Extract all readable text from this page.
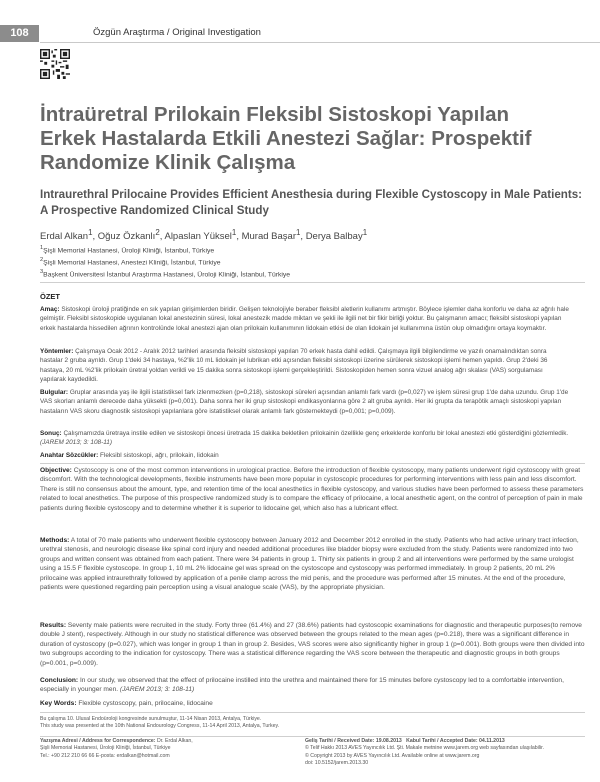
108	Özgün Araştırma / Original Investigation
İntraüretral Prilokain Fleksibl Sistoskopi Yapılan Erkek Hastalarda Etkili Anestezi Sağlar: Prospektif Randomize Klinik Çalışma
Intraurethral Prilocaine Provides Efficient Anesthesia during Flexible Cystoscopy in Male Patients: A Prospective Randomized Clinical Study
Erdal Alkan$^1$, Oğuz Özkanlı$^2$, Alpaslan Yüksel$^1$, Murad Başar$^1$, Derya Balbay$^1$
$^1$Şişli Memorial Hastanesi, Üroloji Kliniği, İstanbul, Türkiye
$^2$Şişli Memorial Hastanesi, Anestezi Kliniği, İstanbul, Türkiye
$^3$Başkent Üniversitesi İstanbul Araştırma Hastanesi, Üroloji Kliniği, İstanbul, Türkiye
ÖZET
Amaç: Sistoskopi üroloji pratiğinde en sık yapılan girişimlerden biridir. Gelişen teknolojiyle beraber fleksibl aletlerin kullanımı artmıştır. Böylece işlemler daha konforlu ve daha az ağrılı hale gelmiştir. Fleksibl sistoskopide uygulanan lokal anestezinin süresi, lokal anestezik madde miktarı ve şekli ile ilgili net bir fikir birliği yoktur. Bu çalışmanın amacı; fleksibl sistoskopi yapılan erkek hastalarda hissedilen ağrının kontrolünde lokal anestezi ajan olan prilokain kullanımının lidokain etkisi de olan lidokain jel kullanımına üstün olup olmadığını ortaya koymaktır.
Yöntemler: Çalışmaya Ocak 2012 - Aralık 2012 tarihleri arasında fleksibl sistoskopi yapılan 70 erkek hasta dahil edildi. Çalışmaya ilgili bilgilendirme ve yazılı onamalındıktan sonra hastalar 2 gruba ayrıldı. Grup 1'deki 34 hastaya, %2'lik 10 mL lidokain jel lubrikan etki açısından fleksibl sistoskopi üzerine sürülerek sistoskopi işlemi hemen yapıldı. Grup 2'deki 36 hastaya, 20 mL %2'lik prilokain üretral yoldan verildi ve 15 dakika sonra sistoskopi işlemi gerçekleştirildi. Sistoskopiden hemen sonra vizuel analog ağrı skalası (VAS) sorgulaması yapılarak kaydedildi.
Bulgular: Gruplar arasında yaş ile ilgili istatistiksel fark izlenmezken (p=0,218), sistoskopi süreleri açısından anlamlı fark vardı (p=0,027) ve işlem süresi grup 1'de daha uzundu. Grup 1'de VAS skorları anlamlı derecede daha yüksekti (p=0,001). Daha sonra her iki grup sistoskopi endikasyonlarına göre 2 alt gruba ayrıldı. Her iki grupta da terapötik amaçlı sistoskopi yapılan hastaların VAS skoru diagnostik sistoskopi yapılanlara göre istatistiksel olarak anlamlı fark gösternekteydi (p=0,001; p=0,009).
Sonuç: Çalışmamızda üretraya instile edilen ve sistoskopi öncesi üretrada 15 dakika bekletilen prilokainin özellikle genç erkeklerde konforlu bir lokal anestezi etki gösterdiğini gözlemledik. (JAREM 2013; 3: 108-11)
Anahtar Sözcükler: Fleksibl sistoskopi, ağrı, prilokain, lidokain
Objective: Cystoscopy is one of the most common interventions in urological practice. Before the introduction of flexible cystoscopy, many patients underwent rigid cystoscopy with great discomfort. With the technological developments, flexible instruments have been more popular in cystoscopic procedures for performing interventions with less pain and less discomfort. There is still no consensus about the amount, type, and retention time of the local anesthetics in flexible cystoscopy, and various studies have been performed to assess these parameters related to local anesthetics. The purpose of this prospective randomized study is to compare the efficacy of prilocaine, a local anesthetic agent, on the control of perception of pain in male patients during flexible cystoscopy and to determine whether it is superior to lidocaine gel, which also has a lubricant effect.
Methods: A total of 70 male patients who underwent flexible cystoscopy between January 2012 and December 2012 enrolled in the study. Patients who had active urinary tract infection, urethral stenosis, and neurologic disease like spinal cord injury and needed additional procedures like bladder biopsy were excluded from the study. Patients were randomized into two groups and written consent was obtained from each patient. There were 34 patients in group 1. Thirty six patients in group 2 and all interventions were performed by the same urologist using a 15.5 F flexible cystoscope. In group 1, 10 mL 2% lidocaine gel was spread on the cystoscope and cystoscopy was performed immediately. In group 2 patients, 20 mL 2% prilocaine was applied intraurethrally followed by application of a penile clamp across the mid penis, and the procedure was performed after 15 minutes. At the end of the procedure, patients were questioned regarding pain perception using a visual analogue scale (VAS), by the appropriate physician.
Results: Seventy male patients were recruited in the study. Forty three (61.4%) and 27 (38.6%) patients had cystoscopic examinations for diagnostic and therapeutic purposes(to remove double J stent), respectively. Although in our study no statistical difference was observed between the groups related to the mean ages (p=0.218), there was a significant difference in duration of cystoscopy (p=0.027), which was longer in group 1 than in group 2. Besides, VAS scores were also significantly higher in group 1 (p=0.001). Both groups were then divided into two subgroups according to the indication for cystoscopy. There was a statistical difference regarding the VAS score between the therapeutic and diagnostic groups in both groups (p=0.001, p=0.009).
Conclusion: In our study, we observed that the effect of prilocaine instilled into the urethra and maintained there for 15 minutes before cystoscopy led to a comfortable intervention, especially in younger men. (JAREM 2013; 3: 108-11)
Key Words: Flexible cystoscopy, pain, prilocaine, lidocaine
Bu çalışma 10. Ulusal Endoüroloji kongresinde sunulmuştur, 11-14 Nisan 2013, Antalya, Türkiye.
This study was presented at the 10th National Endourology Congress, 11-14 April 2013, Antalya, Turkey.
Yazışma Adresi / Address for Correspondence: Dr. Erdal Alkan,
Şişli Memorial Hastanesi, Üroloji Kliniği, İstanbul, Türkiye
Tel.: +90 212 210 66 66 E-posta: erdalkan@hotmail.com
Geliş Tarihi / Received Date: 19.08.2013 Kabul Tarihi / Accepted Date: 04.11.2013
© Telif Hakkı 2013 AVES Yayıncılık Ltd. Şti. Makale metnine www.jarem.org web sayfasından ulaşılabilir.
© Copyright 2013 by AVES Yayıncılık Ltd. Available online at www.jarem.org
doi: 10.5152/jarem.2013.30
